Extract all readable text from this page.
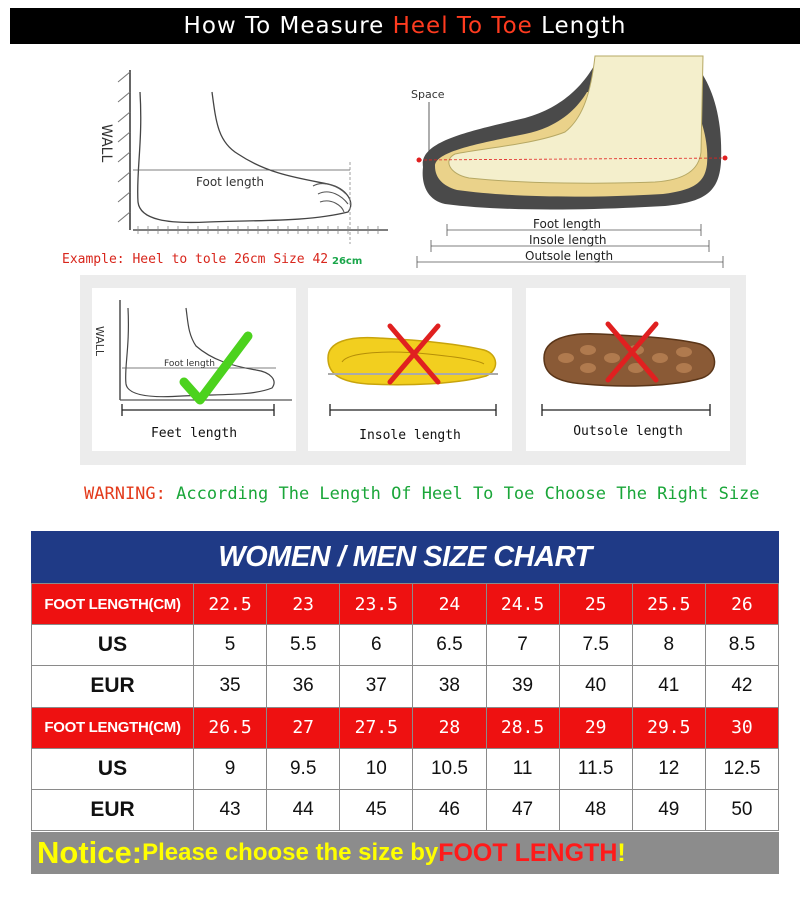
How To Measure
Heel To Toe
Length
WALL
Foot length
Example: Heel to tole 26cm Size 42 26cm
Space
Foot length
Insole length
Outsole length
WALL
Foot length
Feet length	Insole length	Outsole length
WARNING: According The Length Of Heel To Toe Choose The Right Size
WOMEN / MEN SIZE CHART
FOOT LENGTH(CM)	22.5	23	23.5	24	24.5	25	25.5	26
US	5	5.5	6	6.5	7	7.5	8	8.5
EUR	35	36	37	38	39	40	41	42
FOOT LENGTH(CM)	26.5	27	27.5	28	28.5	29	29.5	30
US	9	9.5	10	10.5	11	11.5	12	12.5
EUR	43	44	45	46	47	48	49	50
Notice: Please choose the size by FOOT LENGTH !
